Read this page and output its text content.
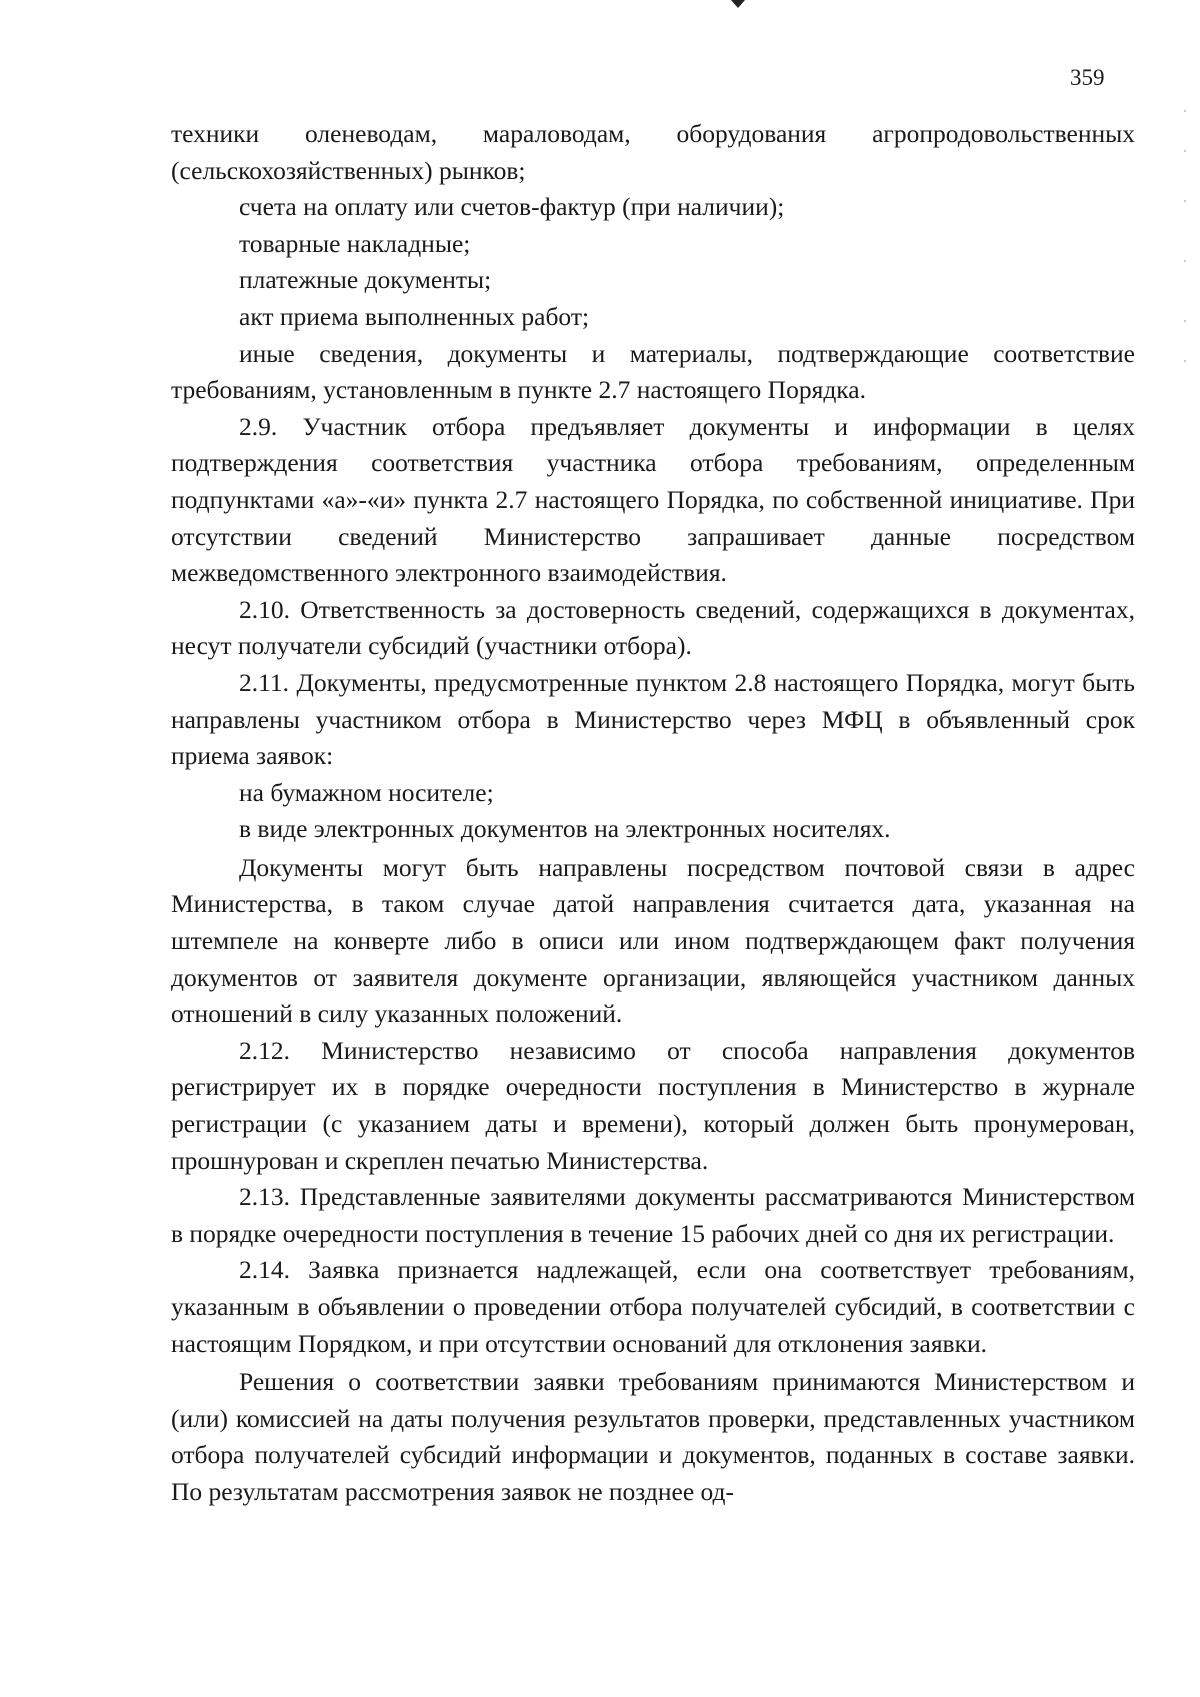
359

техники оленеводам, мараловодам, оборудования агропродовольственных (сельскохозяйственных) рынков;

счета на оплату или счетов-фактур (при наличии);

товарные накладные;

платежные документы;

акт приема выполненных работ;

иные сведения, документы и материалы, подтверждающие соответствие требованиям, установленным в пункте 2.7 настоящего Порядка.

2.9. Участник отбора предъявляет документы и информации в целях подтверждения соответствия участника отбора требованиям, определенным подпунктами «а»-«и» пункта 2.7 настоящего Порядка, по собственной инициативе. При отсутствии сведений Министерство запрашивает данные посредством межведомственного электронного взаимодействия.

2.10. Ответственность за достоверность сведений, содержащихся в документах, несут получатели субсидий (участники отбора).

2.11. Документы, предусмотренные пунктом 2.8 настоящего Порядка, могут быть направлены участником отбора в Министерство через МФЦ в объявленный срок приема заявок:

на бумажном носителе;

в виде электронных документов на электронных носителях.

Документы могут быть направлены посредством почтовой связи в адрес Министерства, в таком случае датой направления считается дата, указанная на штемпеле на конверте либо в описи или ином подтверждающем факт получения документов от заявителя документе организации, являющейся участником данных отношений в силу указанных положений.

2.12. Министерство независимо от способа направления документов регистрирует их в порядке очередности поступления в Министерство в журнале регистрации (с указанием даты и времени), который должен быть пронумерован, прошнурован и скреплен печатью Министерства.

2.13. Представленные заявителями документы рассматриваются Министерством в порядке очередности поступления в течение 15 рабочих дней со дня их регистрации.

2.14. Заявка признается надлежащей, если она соответствует требованиям, указанным в объявлении о проведении отбора получателей субсидий, в соответствии с настоящим Порядком, и при отсутствии оснований для отклонения заявки.

Решения о соответствии заявки требованиям принимаются Министерством и (или) комиссией на даты получения результатов проверки, представленных участником отбора получателей субсидий информации и документов, поданных в составе заявки. По результатам рассмотрения заявок не позднее од-
